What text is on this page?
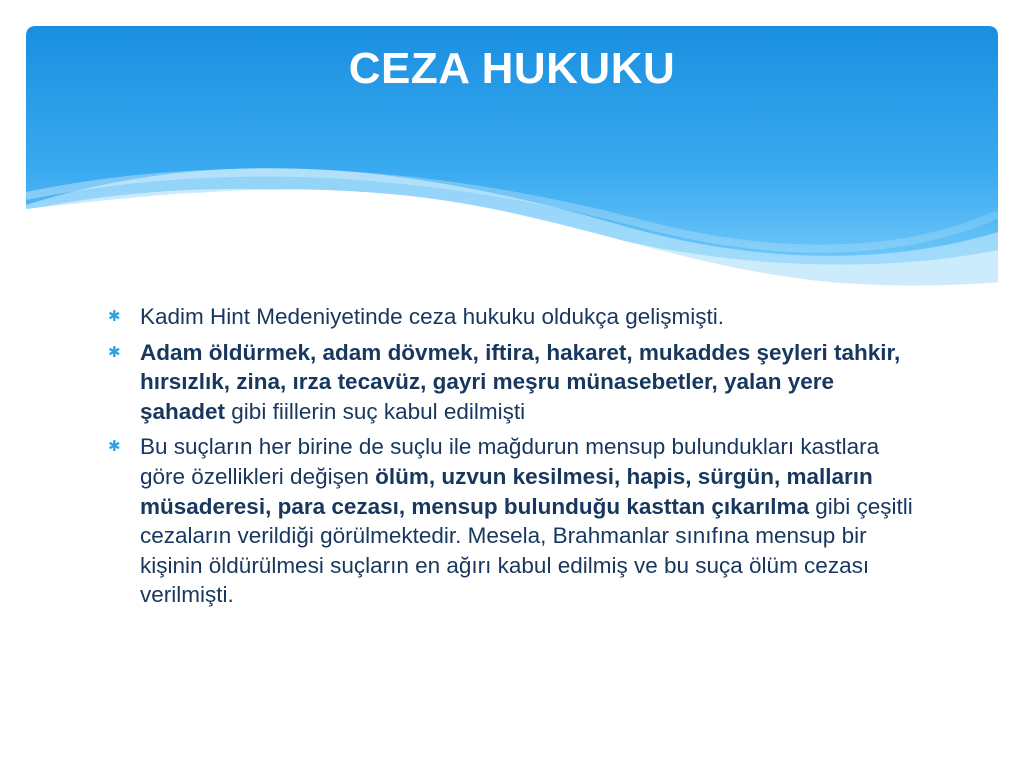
CEZA HUKUKU
✱ Kadim Hint Medeniyetinde ceza hukuku oldukça gelişmişti.
✱ Adam öldürmek, adam dövmek, iftira, hakaret, mukaddes şeyleri tahkir, hırsızlık, zina, ırza tecavüz, gayri meşru münasebetler, yalan yere şahadet gibi fiillerin suç kabul edilmişti
✱ Bu suçların her birine de suçlu ile mağdurun mensup bulundukları kastlara göre özellikleri değişen ölüm, uzvun kesilmesi, hapis, sürgün, malların müsaderesi, para cezası, mensup bulunduğu kasttan çıkarılma gibi çeşitli cezaların verildiği görülmektedir. Mesela, Brahmanlar sınıfına mensup bir kişinin öldürülmesi suçların en ağırı kabul edilmiş ve bu suça ölüm cezası verilmişti.
